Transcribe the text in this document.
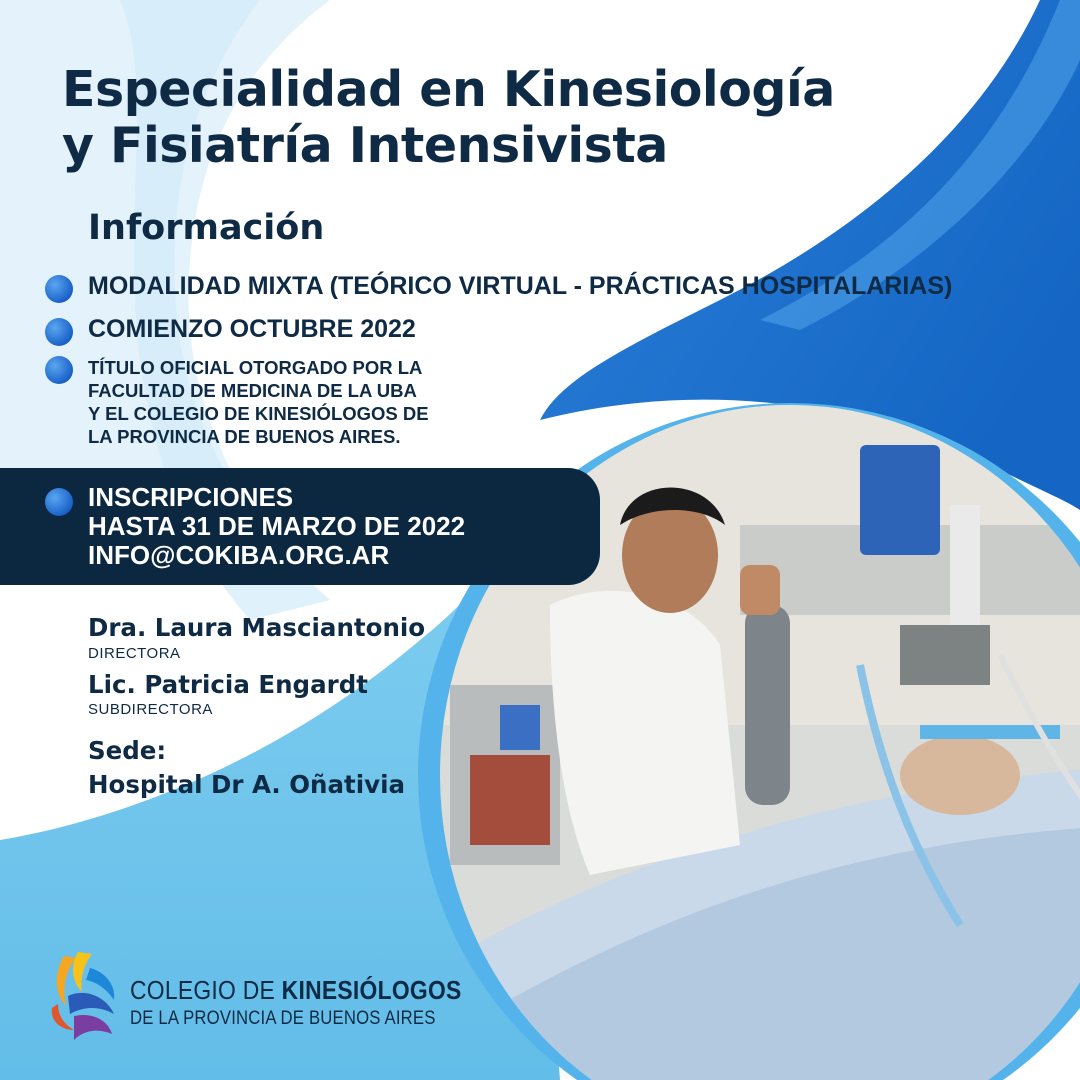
Especialidad en Kinesiología
y Fisiatría Intensivista
Información
MODALIDAD MIXTA (TEÓRICO VIRTUAL - PRÁCTICAS HOSPITALARIAS)
COMIENZO OCTUBRE 2022
TÍTULO OFICIAL OTORGADO POR LA
FACULTAD DE MEDICINA DE LA UBA
Y EL COLEGIO DE KINESIÓLOGOS DE
LA PROVINCIA DE BUENOS AIRES.
INSCRIPCIONES
HASTA 31 DE MARZO DE 2022
INFO@COKIBA.ORG.AR
Dra. Laura Masciantonio
DIRECTORA
Lic. Patricia Engardt
SUBDIRECTORA
Sede:
Hospital Dr A. Oñativia
COLEGIO DE KINESIÓLOGOS
DE LA PROVINCIA DE BUENOS AIRES
